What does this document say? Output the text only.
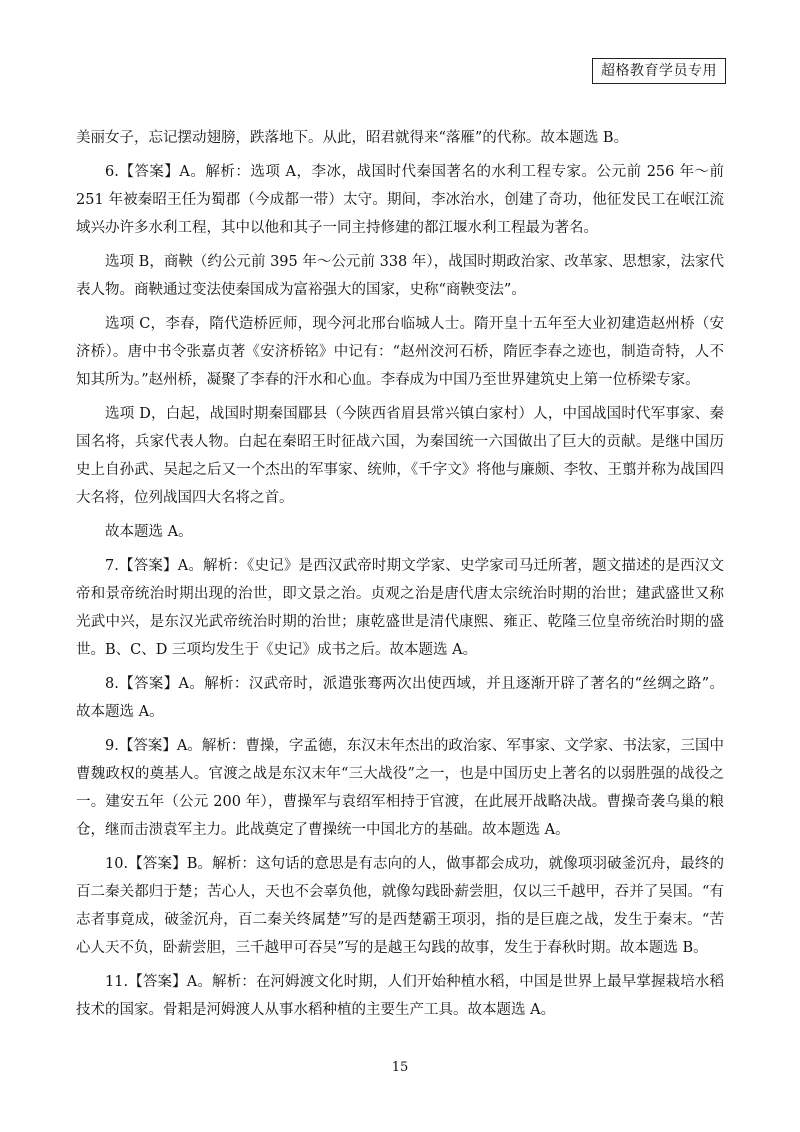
超格教育学员专用

美丽女子，忘记摆动翅膀，跌落地下。从此，昭君就得来“落雁”的代称。故本题选 B。

6.【答案】A。解析：选项 A，李冰，战国时代秦国著名的水利工程专家。公元前 256 年～前 251 年被秦昭王任为蜀郡（今成都一带）太守。期间，李冰治水，创建了奇功，他征发民工在岷江流域兴办许多水利工程，其中以他和其子一同主持修建的都江堰水利工程最为著名。

选项 B，商鞅（约公元前 395 年～公元前 338 年），战国时期政治家、改革家、思想家，法家代表人物。商鞅通过变法使秦国成为富裕强大的国家，史称“商鞅变法”。

选项 C，李春，隋代造桥匠师，现今河北邢台临城人士。隋开皇十五年至大业初建造赵州桥（安济桥）。唐中书令张嘉贞著《安济桥铭》中记有：“赵州洨河石桥，隋匠李春之迹也，制造奇特，人不知其所为。”赵州桥，凝聚了李春的汗水和心血。李春成为中国乃至世界建筑史上第一位桥梁专家。

选项 D，白起，战国时期秦国郿县（今陕西省眉县常兴镇白家村）人，中国战国时代军事家、秦国名将，兵家代表人物。白起在秦昭王时征战六国，为秦国统一六国做出了巨大的贡献。是继中国历史上自孙武、吴起之后又一个杰出的军事家、统帅，《千字文》将他与廉颇、李牧、王翦并称为战国四大名将，位列战国四大名将之首。

故本题选 A。

7.【答案】A。解析：《史记》是西汉武帝时期文学家、史学家司马迁所著，题文描述的是西汉文帝和景帝统治时期出现的治世，即文景之治。贞观之治是唐代唐太宗统治时期的治世；建武盛世又称光武中兴，是东汉光武帝统治时期的治世；康乾盛世是清代康熙、雍正、乾隆三位皇帝统治时期的盛世。B、C、D 三项均发生于《史记》成书之后。故本题选 A。

8.【答案】A。解析：汉武帝时，派遣张骞两次出使西域，并且逐渐开辟了著名的“丝绸之路”。故本题选 A。

9.【答案】A。解析：曹操，字孟德，东汉末年杰出的政治家、军事家、文学家、书法家，三国中曹魏政权的奠基人。官渡之战是东汉末年“三大战役”之一，也是中国历史上著名的以弱胜强的战役之一。建安五年（公元 200 年），曹操军与袁绍军相持于官渡，在此展开战略决战。曹操奇袭乌巢的粮仓，继而击溃袁军主力。此战奠定了曹操统一中国北方的基础。故本题选 A。

10.【答案】B。解析：这句话的意思是有志向的人，做事都会成功，就像项羽破釜沉舟，最终的百二秦关都归于楚；苦心人，天也不会辜负他，就像勾践卧薪尝胆，仅以三千越甲，吞并了吴国。“有志者事竟成，破釜沉舟，百二秦关终属楚”写的是西楚霸王项羽，指的是巨鹿之战，发生于秦末。“苦心人天不负，卧薪尝胆，三千越甲可吞吴”写的是越王勾践的故事，发生于春秋时期。故本题选 B。

11.【答案】A。解析：在河姆渡文化时期，人们开始种植水稻，中国是世界上最早掌握栽培水稻技术的国家。骨耜是河姆渡人从事水稻种植的主要生产工具。故本题选 A。

15
